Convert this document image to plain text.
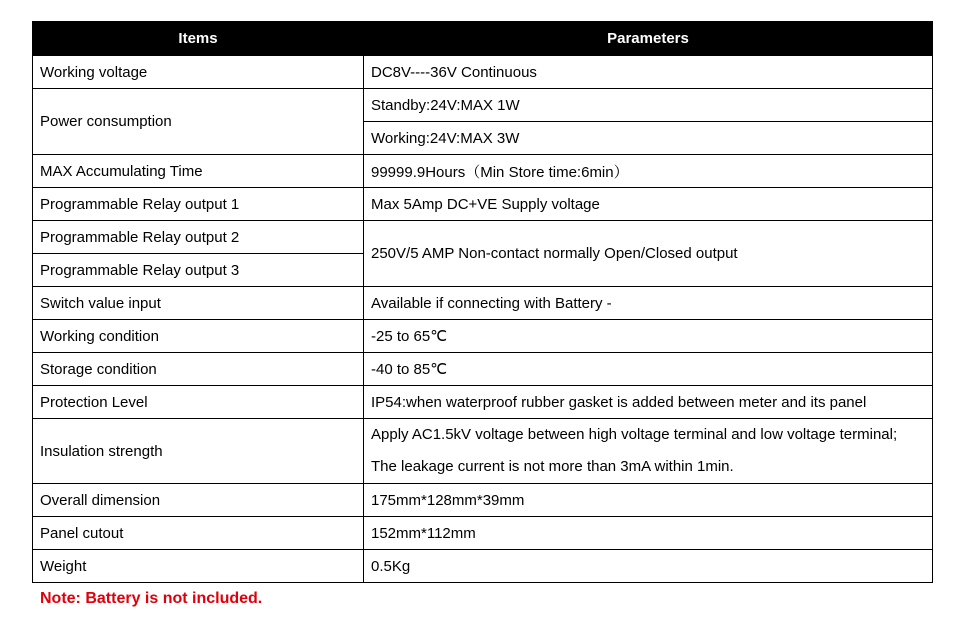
Items	Parameters
Working voltage	DC8V----36V Continuous
Power consumption	Standby:24V:MAX 1W
	Working:24V:MAX 3W
MAX Accumulating Time	99999.9Hours（Min Store time:6min）
Programmable Relay output 1	Max 5Amp DC+VE Supply voltage
Programmable Relay output 2	250V/5 AMP Non-contact normally Open/Closed output
Programmable Relay output 3	
Switch value input	Available if connecting with Battery -
Working condition	-25 to 65℃
Storage condition	-40 to 85℃
Protection Level	IP54:when waterproof rubber gasket is added between meter and its panel
Insulation strength	Apply AC1.5kV voltage between high voltage terminal and low voltage terminal; The leakage current is not more than 3mA within 1min.
Overall dimension	175mm*128mm*39mm
Panel cutout	152mm*112mm
Weight	0.5Kg
Note: Battery is not included.
